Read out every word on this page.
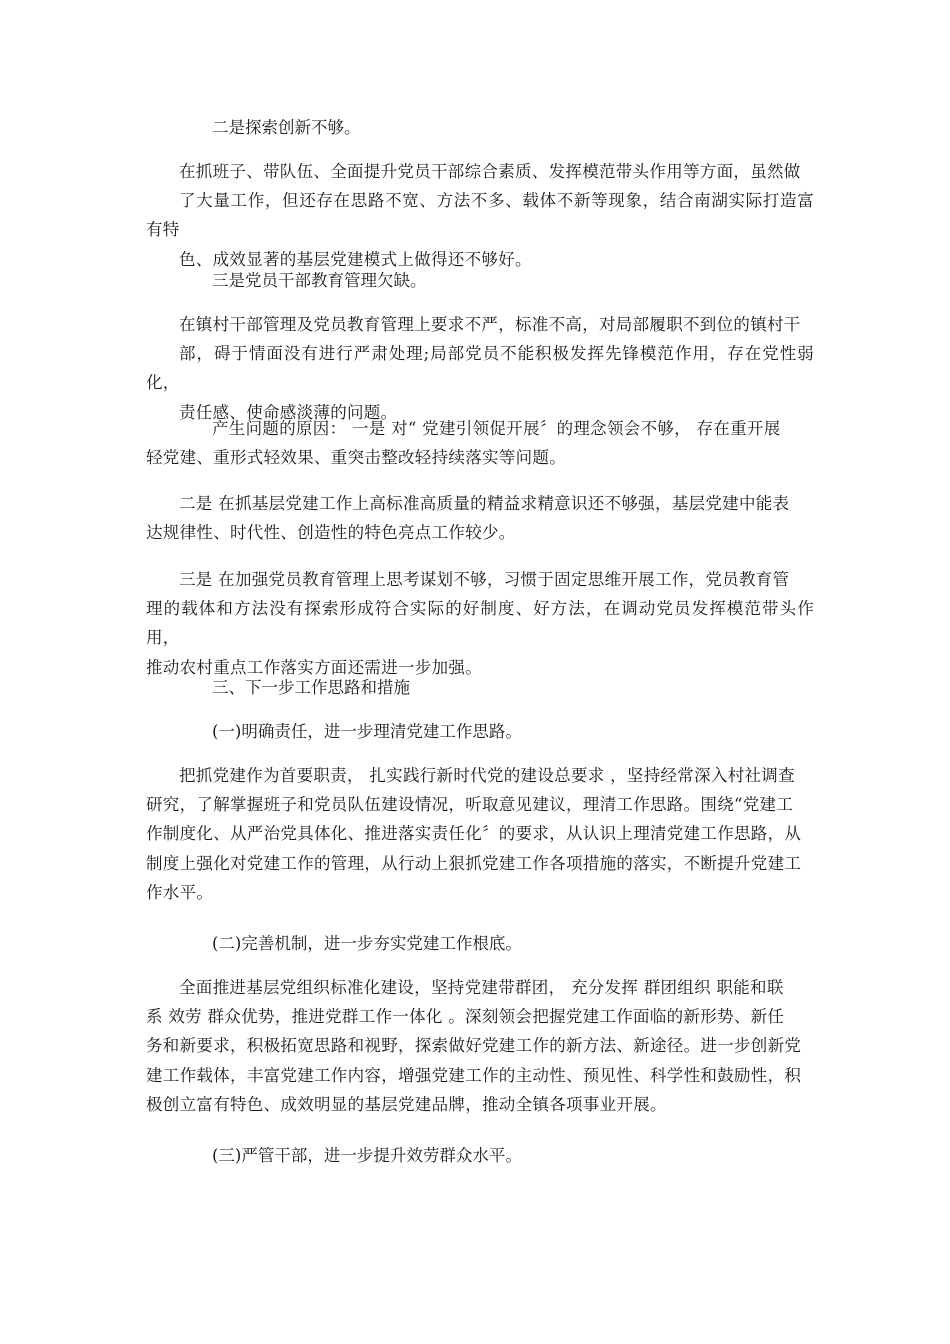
二是探索创新不够。

在抓班子、带队伍、全面提升党员干部综合素质、发挥模范带头作用等方面，虽然做
了大量工作，但还存在思路不宽、方法不多、载体不新等现象，结合南湖实际打造富有特
色、成效显著的基层党建模式上做得还不够好。

三是党员干部教育管理欠缺。

在镇村干部管理及党员教育管理上要求不严，标准不高，对局部履职不到位的镇村干
部，碍于情面没有进行严肃处理;局部党员不能积极发挥先锋模范作用，存在党性弱化，
责任感、使命感淡薄的问题。
产生问题的原因： 一是 对“ 党建引领促开展〞的理念领会不够， 存在重开展
轻党建、重形式轻效果、重突击整改轻持续落实等问题。
二是 在抓基层党建工作上高标准高质量的精益求精意识还不够强，基层党建中能表
达规律性、时代性、创造性的特色亮点工作较少。
三是 在加强党员教育管理上思考谋划不够，习惯于固定思维开展工作，党员教育管
理的载体和方法没有探索形成符合实际的好制度、好方法，在调动党员发挥模范带头作用，
推动农村重点工作落实方面还需进一步加强。

三、下一步工作思路和措施

(一)明确责任，进一步理清党建工作思路。

把抓党建作为首要职责， 扎实践行新时代党的建设总要求 ，坚持经常深入村社调查
研究，了解掌握班子和党员队伍建设情况，听取意见建议，理清工作思路。围绕“党建工
作制度化、从严治党具体化、推进落实责任化〞的要求，从认识上理清党建工作思路，从
制度上强化对党建工作的管理，从行动上狠抓党建工作各项措施的落实，不断提升党建工
作水平。

(二)完善机制，进一步夯实党建工作根底。

全面推进基层党组织标准化建设，坚持党建带群团， 充分发挥 群团组织 职能和联
系 效劳 群众优势，推进党群工作一体化 。深刻领会把握党建工作面临的新形势、新任
务和新要求，积极拓宽思路和视野，探索做好党建工作的新方法、新途径。进一步创新党
建工作载体，丰富党建工作内容，增强党建工作的主动性、预见性、科学性和鼓励性，积
极创立富有特色、成效明显的基层党建品牌，推动全镇各项事业开展。

(三)严管干部，进一步提升效劳群众水平。
